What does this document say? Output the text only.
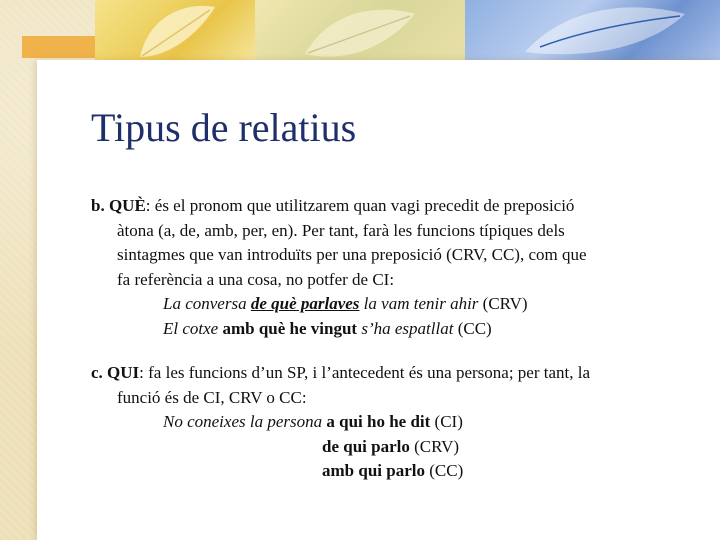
Tipus de relatius
b. QUÈ: és el pronom que utilitzarem quan vagi precedit de preposició
àtona (a, de, amb, per, en). Per tant, farà les funcions típiques dels
sintagmes que van introduïts per una preposició (CRV, CC), com que
fa referència a una cosa, no potfer de CI:
La conversa de què parlaves la vam tenir ahir (CRV)
El cotxe amb què he vingut s’ha espatllat (CC)
c. QUI: fa les funcions d’un SP, i l’antecedent és una persona; per tant, la
funció és de CI, CRV o CC:
No coneixes la persona a qui ho he dit (CI)
de qui parlo (CRV)
amb qui parlo (CC)
